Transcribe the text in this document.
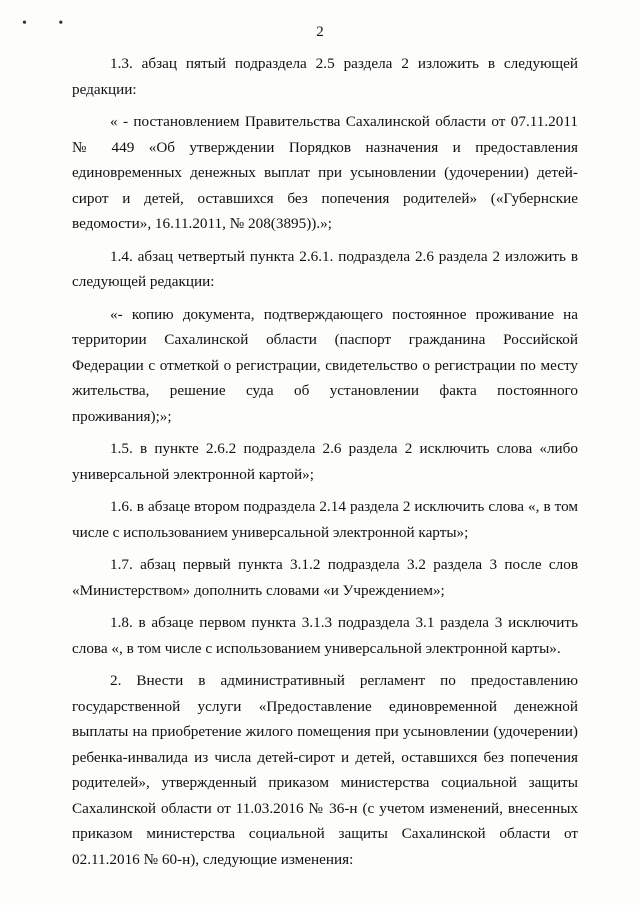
• •
2

1.3. абзац пятый подраздела 2.5 раздела 2 изложить в следующей редакции:

« - постановлением Правительства Сахалинской области от 07.11.2011 № 449 «Об утверждении Порядков назначения и предоставления единовременных денежных выплат при усыновлении (удочерении) детей-сирот и детей, оставшихся без попечения родителей» («Губернские ведомости», 16.11.2011, № 208(3895)).»;

1.4. абзац четвертый пункта 2.6.1. подраздела 2.6 раздела 2 изложить в следующей редакции:

«- копию документа, подтверждающего постоянное проживание на территории Сахалинской области (паспорт гражданина Российской Федерации с отметкой о регистрации, свидетельство о регистрации по месту жительства, решение суда об установлении факта постоянного проживания);»;

1.5. в пункте 2.6.2 подраздела 2.6 раздела 2 исключить слова «либо универсальной электронной картой»;

1.6. в абзаце втором подраздела 2.14 раздела 2 исключить слова «, в том числе с использованием универсальной электронной карты»;

1.7. абзац первый пункта 3.1.2 подраздела 3.2 раздела 3 после слов «Министерством» дополнить словами «и Учреждением»;

1.8. в абзаце первом пункта 3.1.3 подраздела 3.1 раздела 3 исключить слова «, в том числе с использованием универсальной электронной карты».

2. Внести в административный регламент по предоставлению государственной услуги «Предоставление единовременной денежной выплаты на приобретение жилого помещения при усыновлении (удочерении) ребенка-инвалида из числа детей-сирот и детей, оставшихся без попечения родителей», утвержденный приказом министерства социальной защиты Сахалинской области от 11.03.2016 № 36-н (с учетом изменений, внесенных приказом министерства социальной защиты Сахалинской области от 02.11.2016 № 60-н), следующие изменения:
